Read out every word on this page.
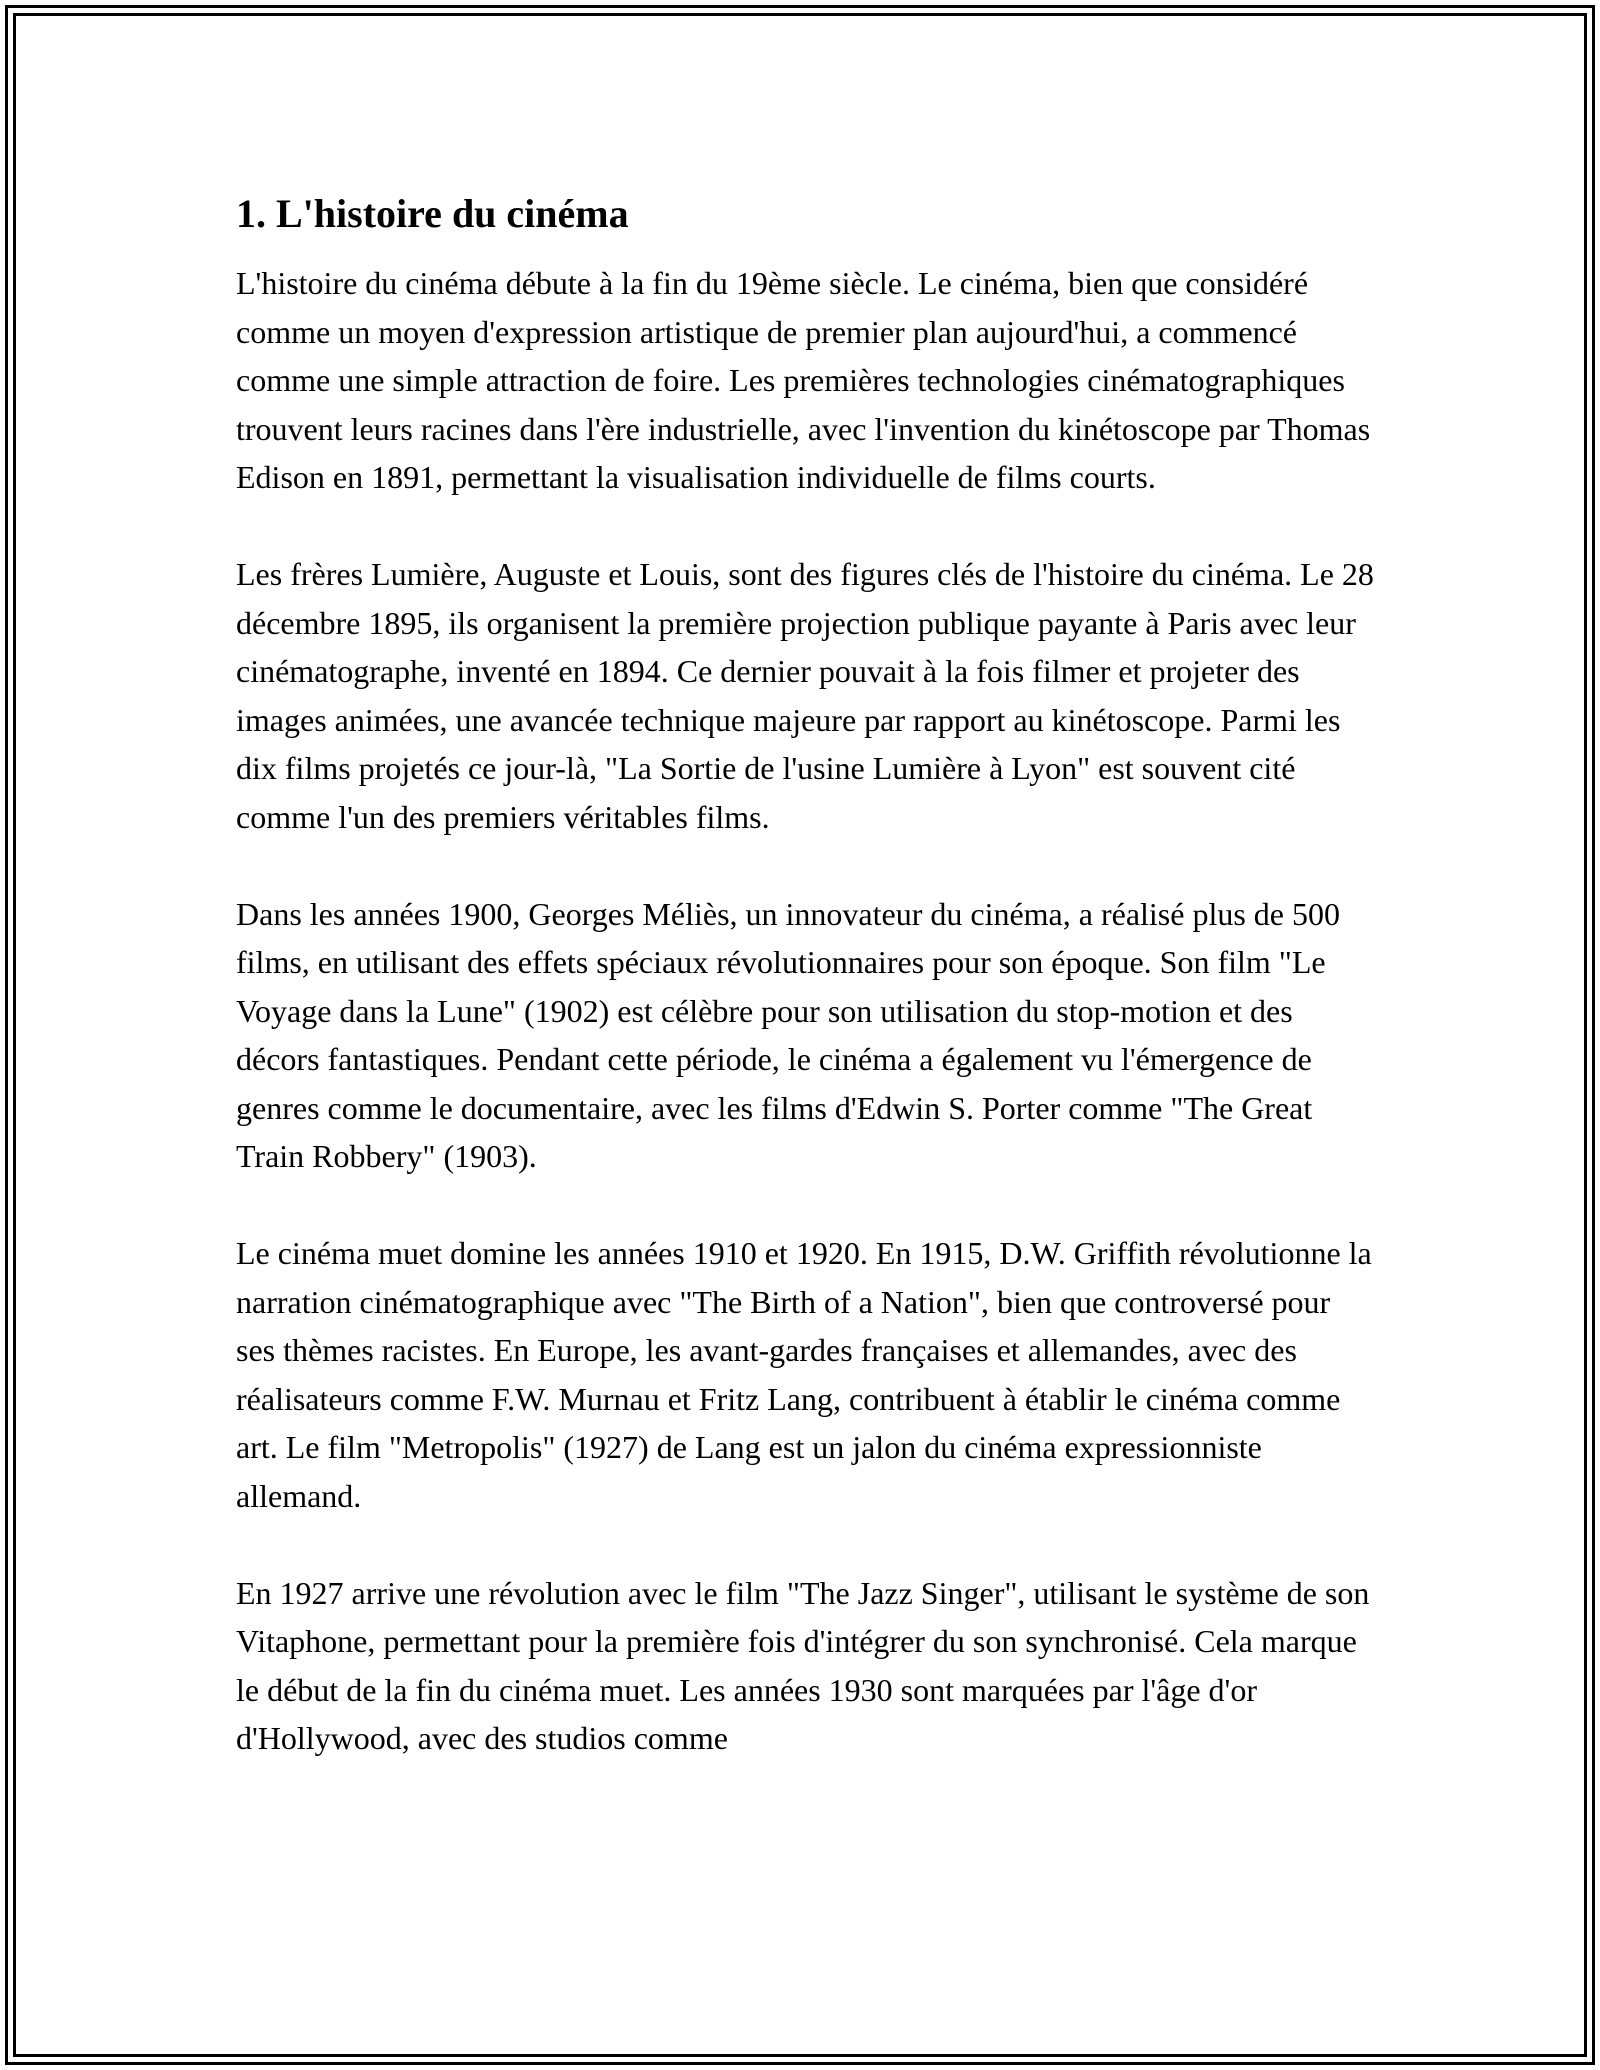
1. L'histoire du cinéma

L'histoire du cinéma débute à la fin du 19ème siècle. Le cinéma, bien que considéré comme un moyen d'expression artistique de premier plan aujourd'hui, a commencé comme une simple attraction de foire. Les premières technologies cinématographiques trouvent leurs racines dans l'ère industrielle, avec l'invention du kinétoscope par Thomas Edison en 1891, permettant la visualisation individuelle de films courts.

Les frères Lumière, Auguste et Louis, sont des figures clés de l'histoire du cinéma. Le 28 décembre 1895, ils organisent la première projection publique payante à Paris avec leur cinématographe, inventé en 1894. Ce dernier pouvait à la fois filmer et projeter des images animées, une avancée technique majeure par rapport au kinétoscope. Parmi les dix films projetés ce jour-là, "La Sortie de l'usine Lumière à Lyon" est souvent cité comme l'un des premiers véritables films.

Dans les années 1900, Georges Méliès, un innovateur du cinéma, a réalisé plus de 500 films, en utilisant des effets spéciaux révolutionnaires pour son époque. Son film "Le Voyage dans la Lune" (1902) est célèbre pour son utilisation du stop-motion et des décors fantastiques. Pendant cette période, le cinéma a également vu l'émergence de genres comme le documentaire, avec les films d'Edwin S. Porter comme "The Great Train Robbery" (1903).

Le cinéma muet domine les années 1910 et 1920. En 1915, D.W. Griffith révolutionne la narration cinématographique avec "The Birth of a Nation", bien que controversé pour ses thèmes racistes. En Europe, les avant-gardes françaises et allemandes, avec des réalisateurs comme F.W. Murnau et Fritz Lang, contribuent à établir le cinéma comme art. Le film "Metropolis" (1927) de Lang est un jalon du cinéma expressionniste allemand.

En 1927 arrive une révolution avec le film "The Jazz Singer", utilisant le système de son Vitaphone, permettant pour la première fois d'intégrer du son synchronisé. Cela marque le début de la fin du cinéma muet. Les années 1930 sont marquées par l'âge d'or d'Hollywood, avec des studios comme
